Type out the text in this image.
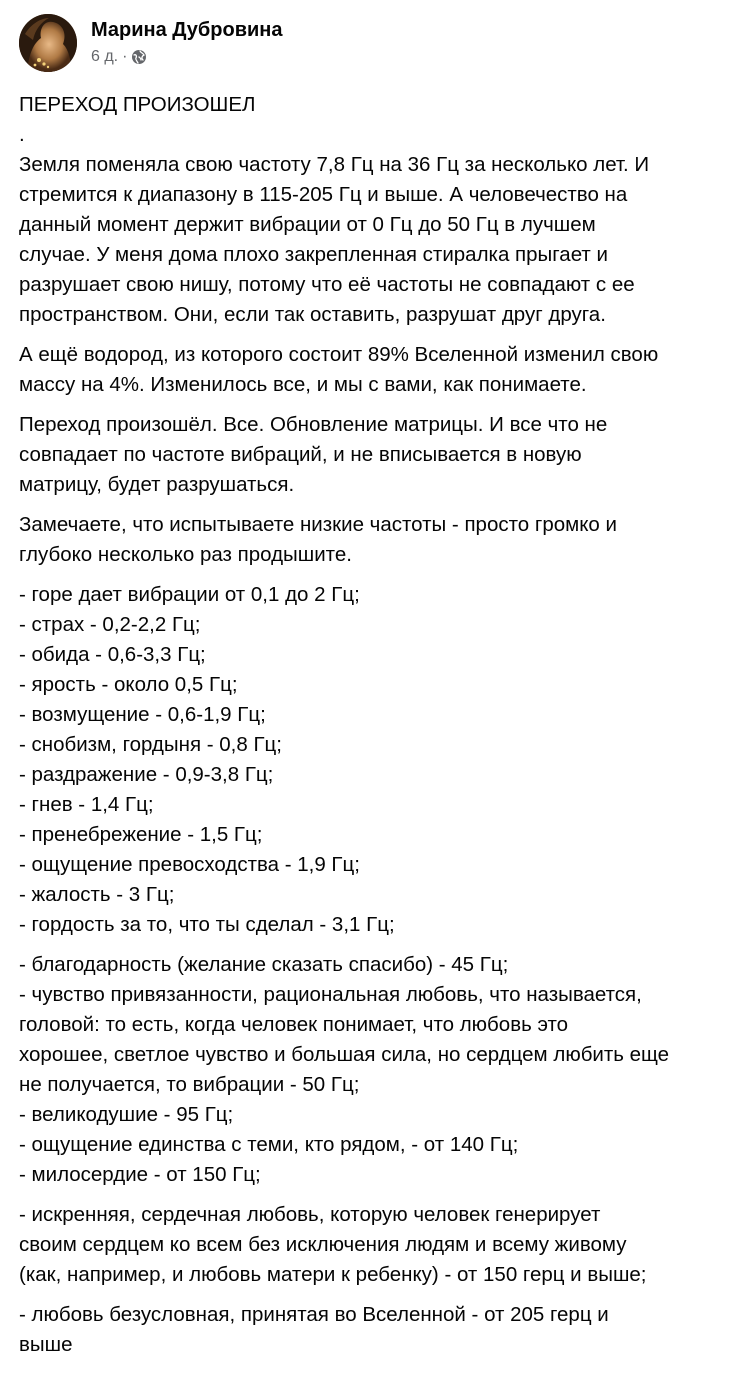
Марина Дубровина
6 д. ·
ПЕРЕХОД ПРОИЗОШЕЛ
.

Земля поменяла свою частоту 7,8 Гц на 36 Гц за несколько лет. И
стремится к диапазону в 115-205 Гц и выше. А человечество на
данный момент держит вибрации от 0 Гц до 50 Гц в лучшем
случае. У меня дома плохо закрепленная стиралка прыгает и
разрушает свою нишу, потому что её частоты не совпадают с ее
пространством. Они, если так оставить, разрушат друг друга.

А ещё водород, из которого состоит 89% Вселенной изменил свою
массу на 4%. Изменилось все, и мы с вами, как понимаете.

Переход произошёл. Все. Обновление матрицы. И все что не
совпадает по частоте вибраций, и не вписывается в новую
матрицу, будет разрушаться.

Замечаете, что испытываете низкие частоты - просто громко и
глубоко несколько раз продышите.

- горе дает вибрации от 0,1 до 2 Гц;
- страх - 0,2-2,2 Гц;
- обида - 0,6-3,3 Гц;
- ярость - около 0,5 Гц;
- возмущение - 0,6-1,9 Гц;
- снобизм, гордыня - 0,8 Гц;
- раздражение - 0,9-3,8 Гц;
- гнев - 1,4 Гц;
- пренебрежение - 1,5 Гц;
- ощущение превосходства - 1,9 Гц;
- жалость - 3 Гц;
- гордость за то, что ты сделал - 3,1 Гц;

- благодарность (желание сказать спасибо) - 45 Гц;
- чувство привязанности, рациональная любовь, что называется,
головой: то есть, когда человек понимает, что любовь это
хорошее, светлое чувство и большая сила, но сердцем любить еще
не получается, то вибрации - 50 Гц;
- великодушие - 95 Гц;
- ощущение единства с теми, кто рядом, - от 140 Гц;
- милосердие - от 150 Гц;

- искренняя, сердечная любовь, которую человек генерирует
своим сердцем ко всем без исключения людям и всему живому
(как, например, и любовь матери к ребенку) - от 150 герц и выше;

- любовь безусловная, принятая во Вселенной - от 205 герц и
выше
